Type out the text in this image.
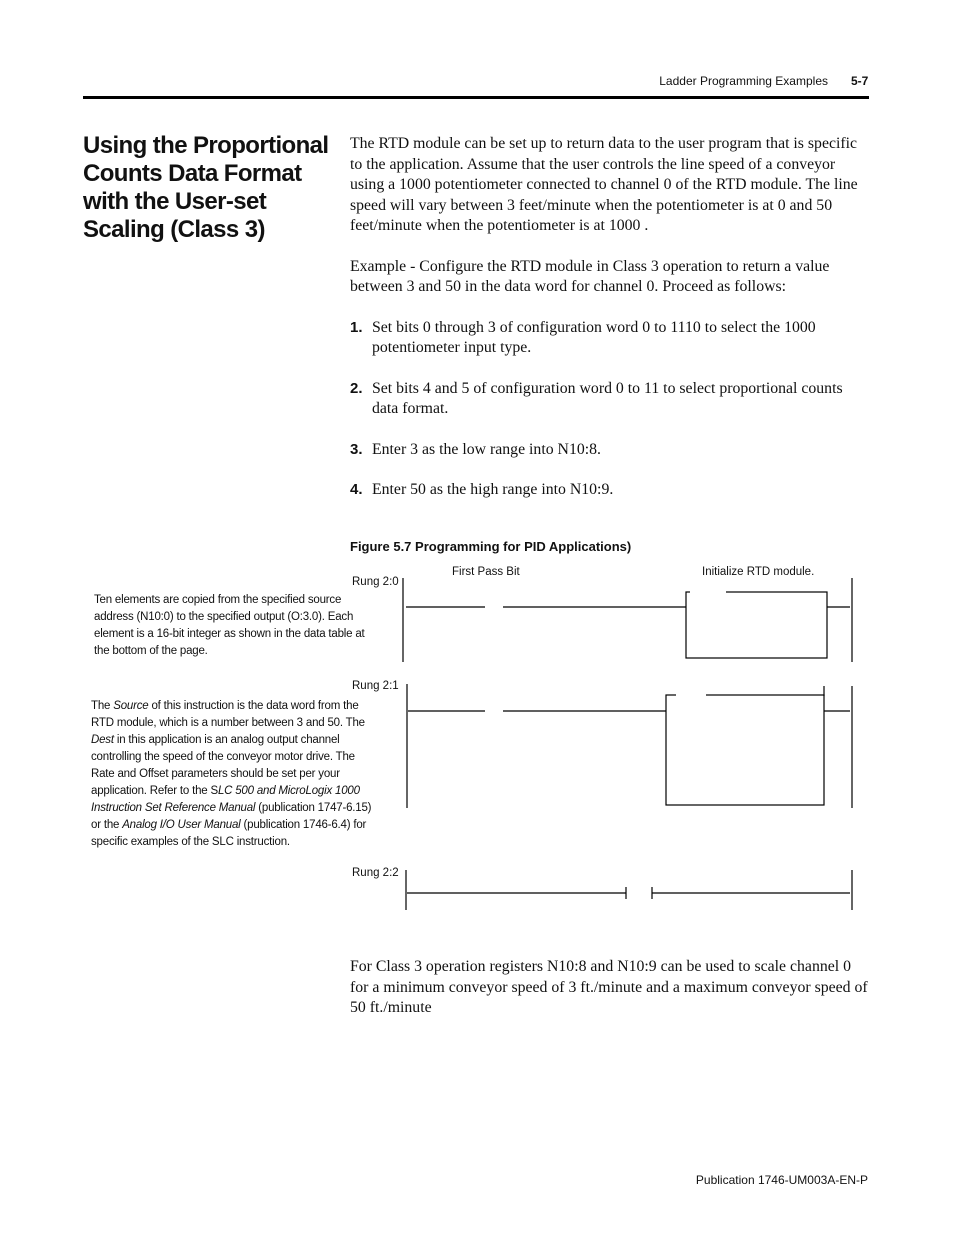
Ladder Programming Examples 5-7
Using the Proportional Counts Data Format with the User-set Scaling (Class 3)

The RTD module can be set up to return data to the user program that is specific to the application. Assume that the user controls the line speed of a conveyor using a 1000 potentiometer connected to channel 0 of the RTD module. The line speed will vary between 3 feet/minute when the potentiometer is at 0 and 50 feet/minute when the potentiometer is at 1000 .

Example - Configure the RTD module in Class 3 operation to return a value between 3 and 50 in the data word for channel 0. Proceed as follows:

1. Set bits 0 through 3 of configuration word 0 to 1110 to select the 1000 potentiometer input type.

2. Set bits 4 and 5 of configuration word 0 to 11 to select proportional counts data format.

3. Enter 3 as the low range into N10:8.

4. Enter 50 as the high range into N10:9.

Figure 5.7 Programming for PID Applications)
Rung 2:0
Rung 2:1
Rung 2:2
First Pass Bit	Initialize RTD module.
Ten elements are copied from the specified source address (N10:0) to the specified output (O:3.0). Each element is a 16-bit integer as shown in the data table at the bottom of the page.
The Source of this instruction is the data word from the RTD module, which is a number between 3 and 50. The Dest in this application is an analog output channel controlling the speed of the conveyor motor drive. The Rate and Offset parameters should be set per your application. Refer to the SLC 500 and MicroLogix 1000 Instruction Set Reference Manual (publication 1747-6.15) or the Analog I/O User Manual (publication 1746-6.4) for specific examples of the SLC instruction.
For Class 3 operation registers N10:8 and N10:9 can be used to scale channel 0 for a minimum conveyor speed of 3 ft./minute and a maximum conveyor speed of 50 ft./minute
Publication 1746-UM003A-EN-P
